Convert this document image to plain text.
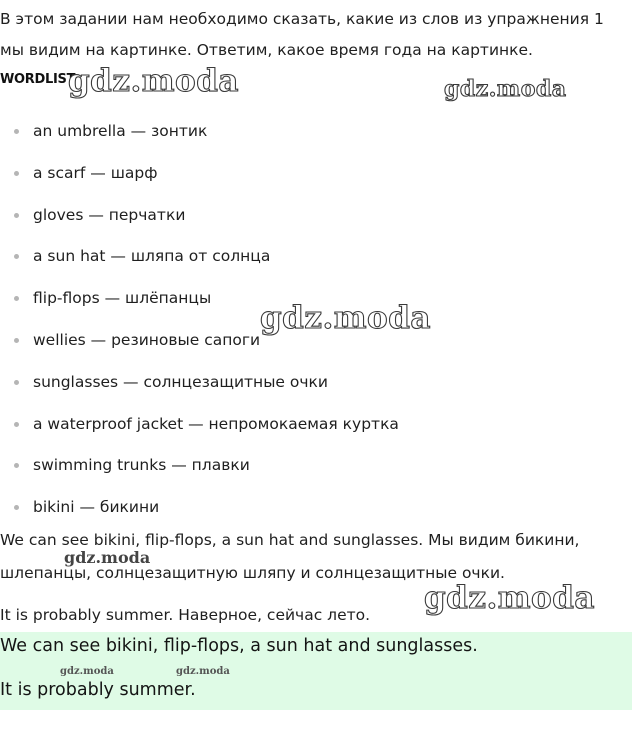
В этом задании нам необходимо сказать, какие из слов из упражнения 1 мы видим на картинке. Ответим, какое время года на картинке.

WORDLIST
gdz.moda	gdz.moda
an umbrella — зонтик
a scarf — шарф
gloves — перчатки
a sun hat — шляпа от солнца
flip-flops — шлёпанцы
wellies — резиновые сапоги
sunglasses — солнцезащитные очки
a waterproof jacket — непромокаемая куртка
swimming trunks — плавки
bikini — бикини
gdz.moda

We can see bikini, flip-flops, a sun hat and sunglasses. Мы видим бикини, шлепанцы, солнцезащитную шляпу и солнцезащитные очки.

gdz.moda

It is probably summer. Наверное, сейчас лето.

We can see bikini, flip-flops, a sun hat and sunglasses.

gdz.moda	gdz.moda

It is probably summer.

gdz.moda
